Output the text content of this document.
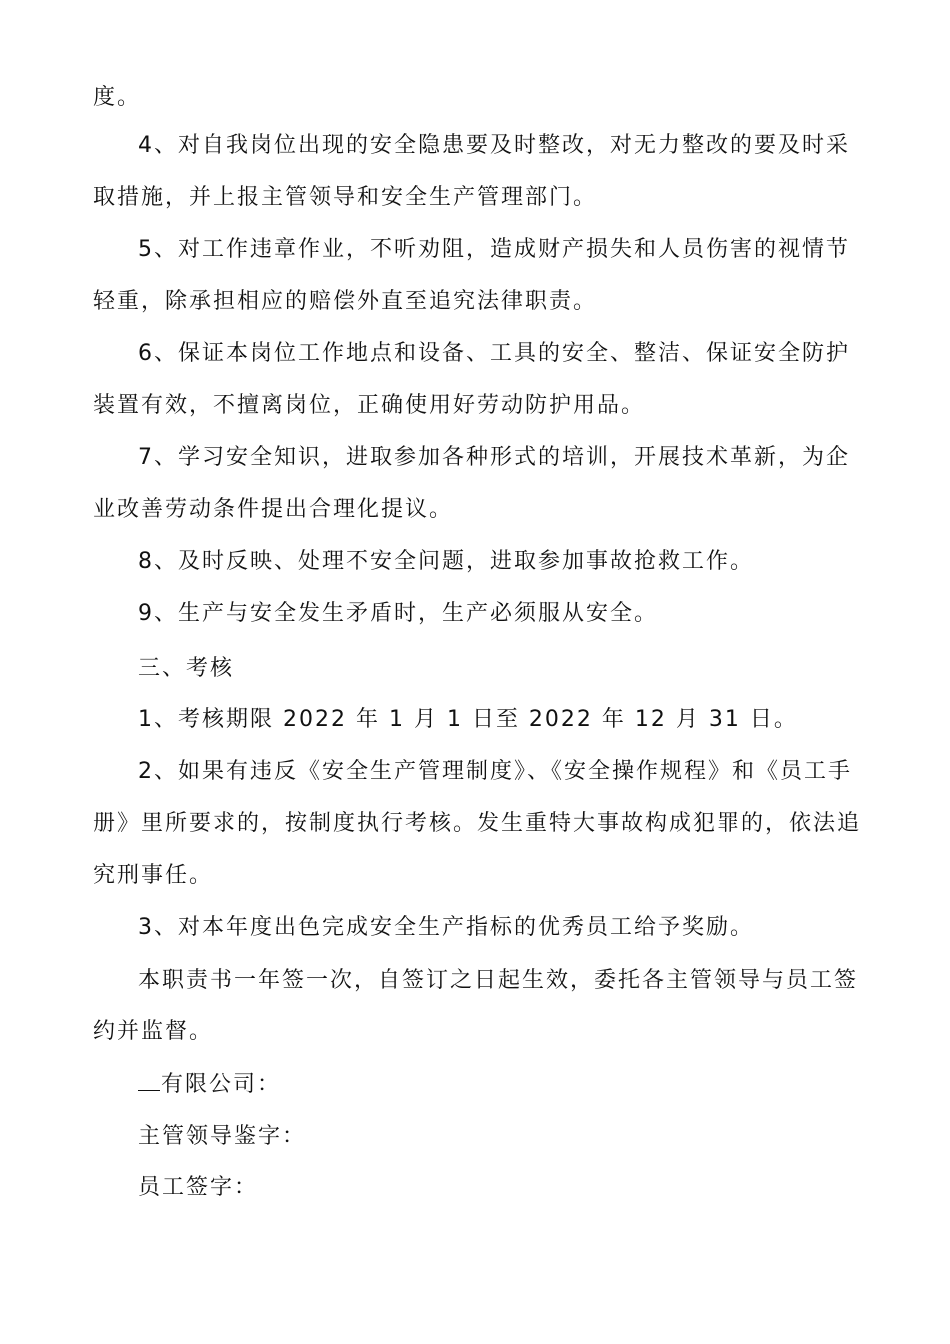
度。
4、对自我岗位出现的安全隐患要及时整改，对无力整改的要及时采
取措施，并上报主管领导和安全生产管理部门。
5、对工作违章作业，不听劝阻，造成财产损失和人员伤害的视情节
轻重，除承担相应的赔偿外直至追究法律职责。
6、保证本岗位工作地点和设备、工具的安全、整洁、保证安全防护
装置有效，不擅离岗位，正确使用好劳动防护用品。
7、学习安全知识，进取参加各种形式的培训，开展技术革新，为企
业改善劳动条件提出合理化提议。
8、及时反映、处理不安全问题，进取参加事故抢救工作。
9、生产与安全发生矛盾时，生产必须服从安全。
三、考核
1、考核期限 2022 年 1 月 1 日至 2022 年 12 月 31 日。
2、如果有违反《安全生产管理制度》、《安全操作规程》和《员工手
册》里所要求的，按制度执行考核。发生重特大事故构成犯罪的，依法追
究刑事任。
3、对本年度出色完成安全生产指标的优秀员工给予奖励。
本职责书一年签一次，自签订之日起生效，委托各主管领导与员工签
约并监督。
有限公司：
主管领导鉴字：
员工签字：
